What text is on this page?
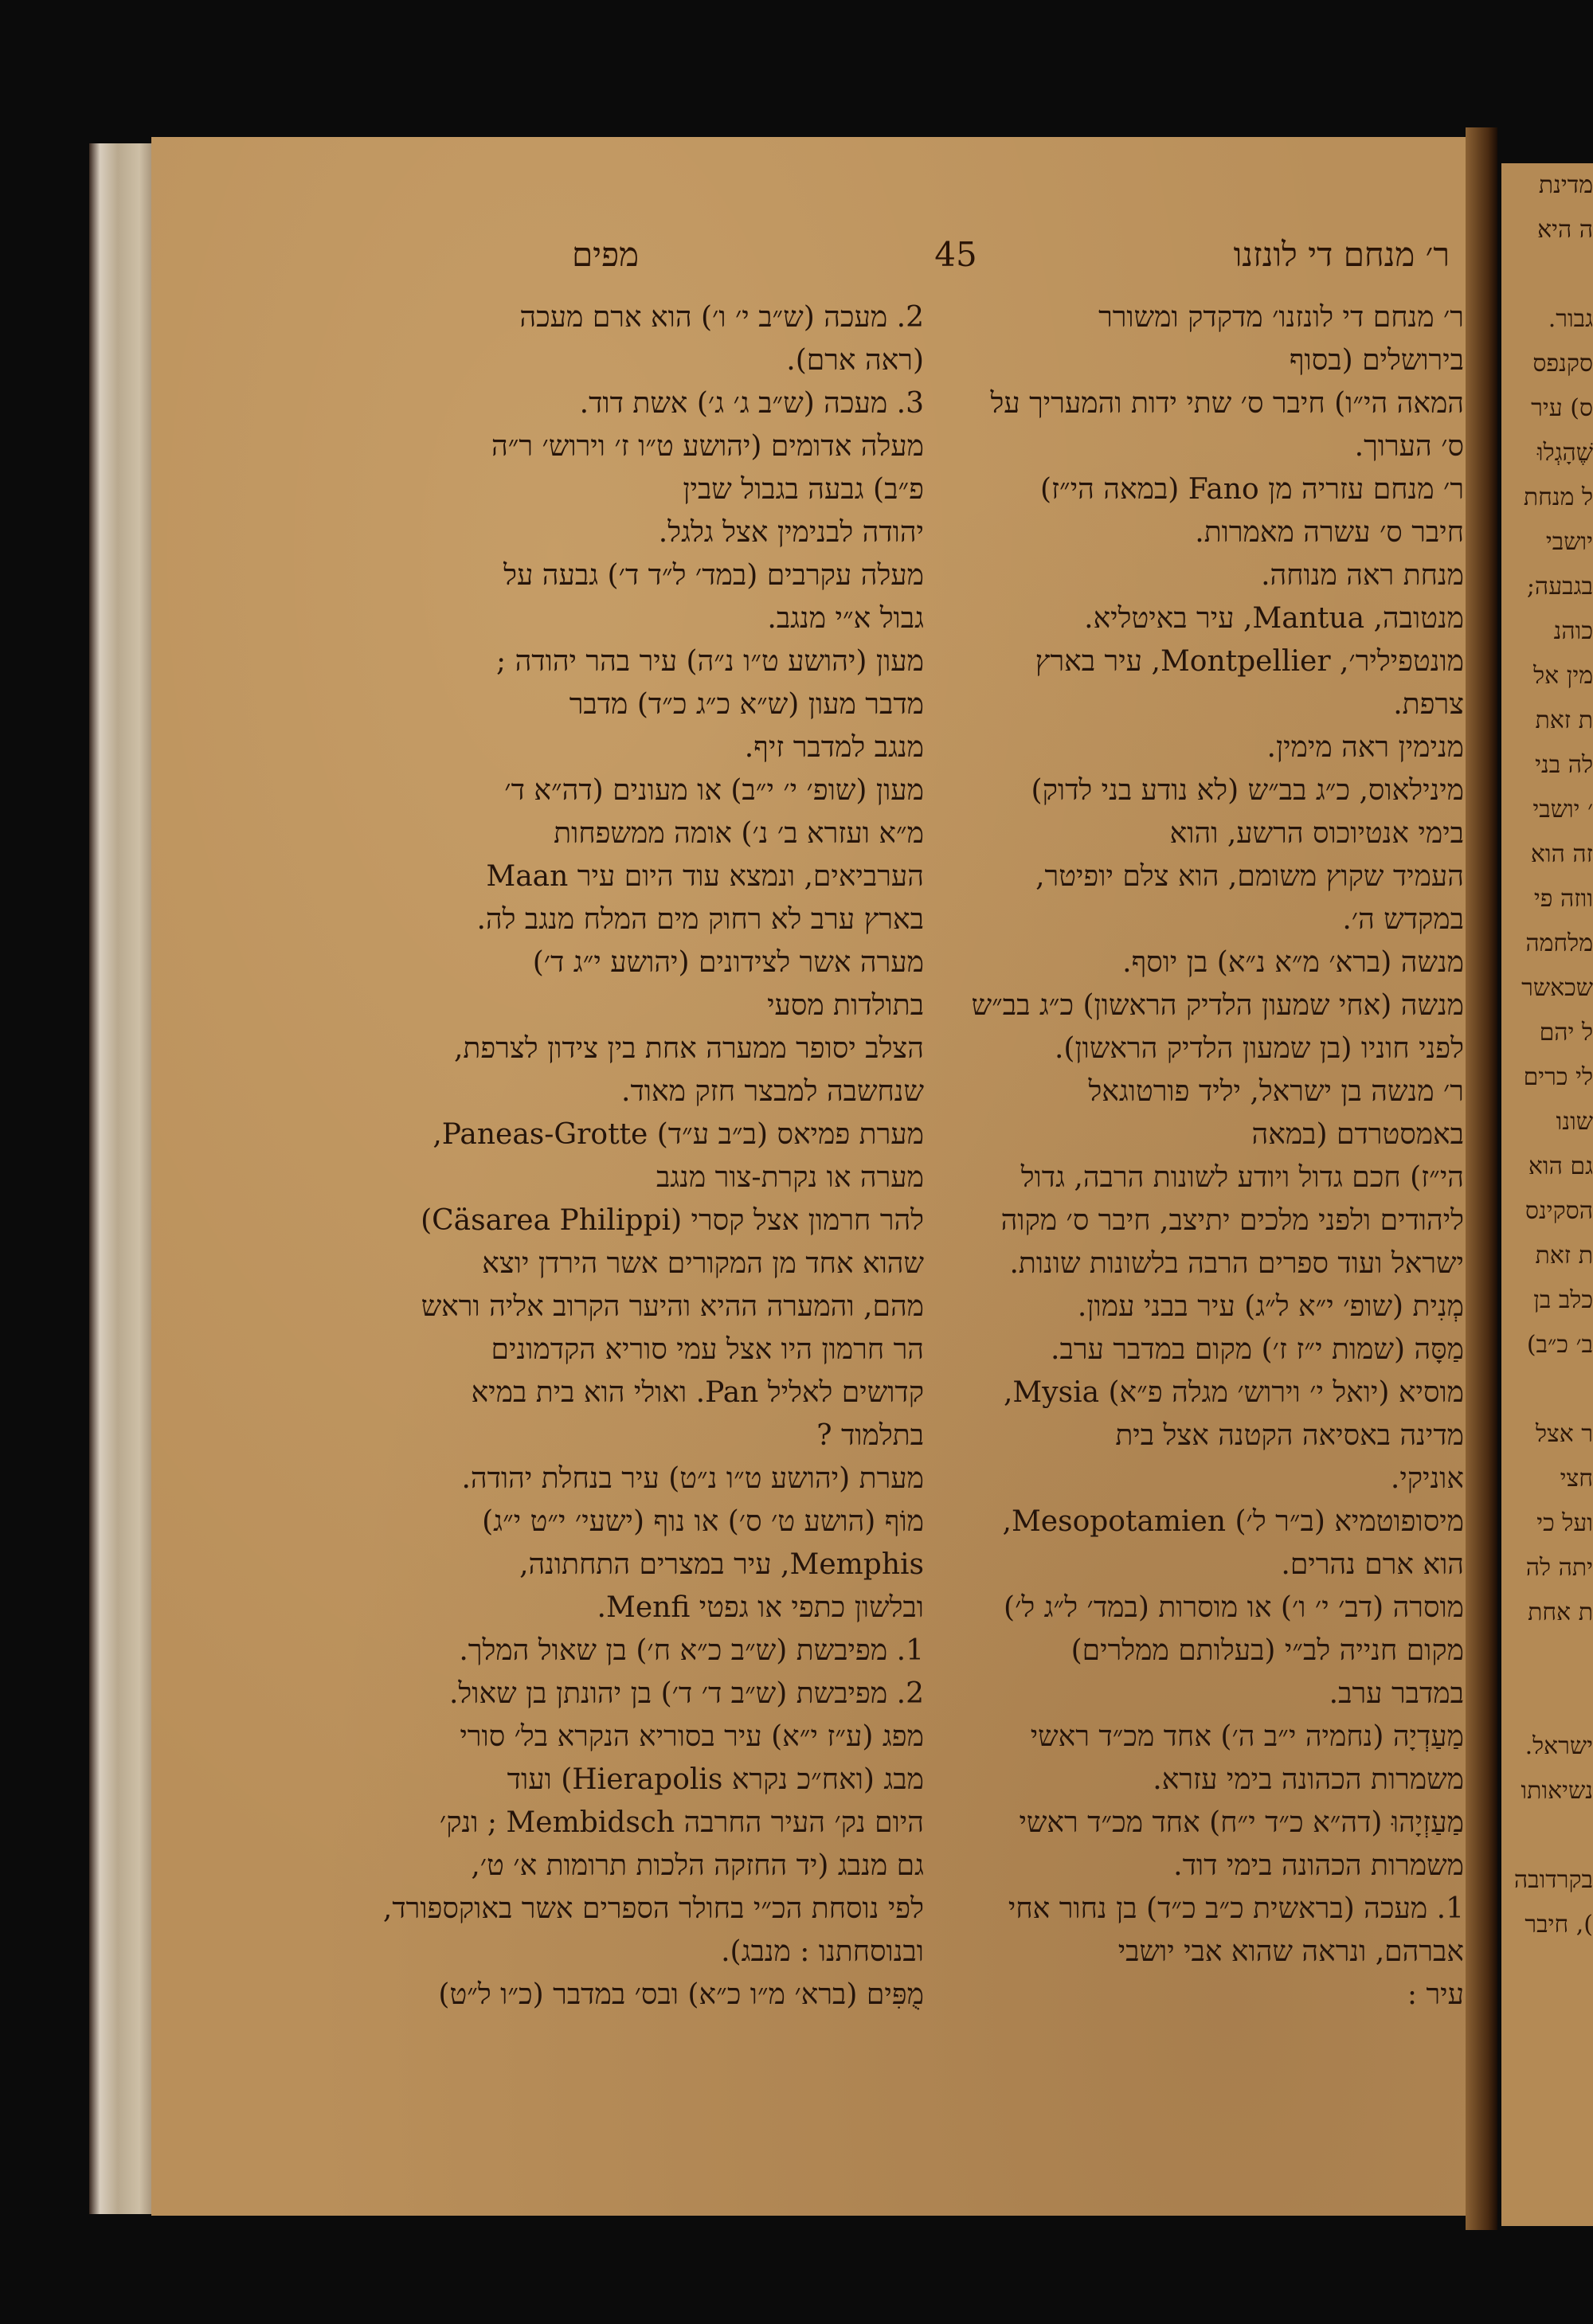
מדינת
ה היא
גבור.
סקנפס
ס) עיר
שֶׁהָגְלוּ
ל מנחת
יושבי
בגבעה;
כוהנ
מין אל
ת זאת
לה בני
׳ יושבי
זה הוא
ווזה פי
מלחמה
שכאשר
ל יהם
לי כרים
שונו
גם הוא
הסקינס
ת זאת
כלב בן
ב׳ כ״ב)
ר אצל
חצי
ועל כי
יתה לה
ת אחת
ישראל.
נשיאותו
בקרדובה
), חיבר
ר׳ מנחם די לונזנו
45
מפים
ר׳ מנחם די לונזנו׳ מדקדק ומשורר
בירושלים (בסוף
המאה הי״ו) חיבר ס׳ שתי ידות והמעריך על
ס׳ הערוך.
ר׳ מנחם עזריה מן Fano (במאה הי״ז)
חיבר ס׳ עשרה מאמרות.
מנחת ראה מנוחה.
מנטובה, Mantua, עיר באיטליא.
מונטפיליר׳, Montpellier, עיר בארץ
צרפת.
מנימין ראה מימין.
מינילאוס, כ״ג בב״ש (לא נודע בני לדוק)
בימי אנטיוכוס הרשע, והוא
העמיד שקוץ משומם, הוא צלם יופיטר,
במקדש ה׳.
מנשה (ברא׳ מ״א נ״א) בן יוסף.
מנשה (אחי שמעון הלדיק הראשון) כ״ג בב״ש
לפני חוניו (בן שמעון הלדיק הראשון).
ר׳ מנשה בן ישראל, יליד פורטוגאל
באמסטרדם (במאה
הי״ז) חכם גדול ויודע לשונות הרבה, גדול
ליהודים ולפני מלכים יתיצב, חיבר ס׳ מקוה
ישראל ועוד ספרים הרבה בלשונות שונות.
מְנִית (שופ׳ י״א ל״ג) עיר בבני עמון.
מַסָּה (שמות י״ז ז׳) מקום במדבר ערב.
מוסיא (יואל י׳ וירוש׳ מגלה פ״א) Mysia,
מדינה באסיאה הקטנה אצל בית
אוניקי.
מיסופוטמיא (ב״ר ל׳) Mesopotamien,
הוא ארם נהרים.
מוסרה (דב׳ י׳ ו׳) או מוסרות (במד׳ ל״ג ל׳)
מקום חנייה לב״י (בעלותם ממלרים)
במדבר ערב.
מַעַדְיָה (נחמיה י״ב ה׳) אחד מכ״ד ראשי
משמרות הכהונה בימי עזרא.
מַעַזְיָהוּ (דה״א כ״ד י״ח) אחד מכ״ד ראשי
משמרות הכהונה בימי דוד.
1. מעכה (בראשית כ״ב כ״ד) בן נחור אחי
אברהם, ונראה שהוא אבי יושבי
עיר :
2. מעכה (ש״ב י׳ ו׳) הוא ארם מעכה
(ראה ארם).
3. מעכה (ש״ב ג׳ ג׳) אשת דוד.
מעלה אדומים (יהושע ט״ו ז׳ וירוש׳ ר״ה
פ״ב) גבעה בגבול שבין
יהודה לבנימין אצל גלגל.
מעלה עקרבים (במד׳ ל״ד ד׳) גבעה על
גבול א״י מנגב.
מעון (יהושע ט״ו נ״ה) עיר בהר יהודה ;
מדבר מעון (ש״א כ״ג כ״ד) מדבר
מנגב למדבר זיף.
מעון (שופ׳ י׳ י״ב) או מעונים (דה״א ד׳
מ״א ועזרא ב׳ נ׳) אומה ממשפחות
הערביאים, ונמצא עוד היום עיר Maan
בארץ ערב לא רחוק מים המלח מנגב לה.
מערה אשר לצידונים (יהושע י״ג ד׳)
בתולדות מסעי
הצלב יסופר ממערה אחת בין צידון לצרפת,
שנחשבה למבצר חזק מאוד.
מערת פמיאס (ב״ב ע״ד) Paneas-Grotte,
מערה או נקרת-צור מנגב
להר חרמון אצל קסרי (Cäsarea Philippi)
שהוא אחד מן המקורים אשר הירדן יוצא
מהם, והמערה ההיא והיער הקרוב אליה וראש
הר חרמון היו אצל עמי סוריא הקדמונים
קדושים לאליל Pan. ואולי הוא בית במיא
בתלמוד ?
מערת (יהושע ט״ו נ״ט) עיר בנחלת יהודה.
מוֹף (הושע ט׳ ס׳) או נוף (ישעי׳ י״ט י״ג)
Memphis, עיר במצרים התחתונה,
ובלשון כתפי או גפטי Menfi.
1. מפיבשת (ש״ב כ״א ח׳) בן שאול המלך.
2. מפיבשת (ש״ב ד׳ ד׳) בן יהונתן בן שאול.
מפג (ע״ז י״א) עיר בסוריא הנקרא בל׳ סורי
מבג (ואח״כ נקרא Hierapolis) ועוד
היום נק׳ העיר החרבה Membidsch ; ונק׳
גם מנבג (יד החזקה הלכות תרומות א׳ ט׳,
לפי נוסחת הכ״י בחולר הספרים אשר באוקספורד,
ובנוסחתנו : מנבג).
מֻפִּים (ברא׳ מ״ו כ״א) ובס׳ במדבר (כ״ו ל״ט)
